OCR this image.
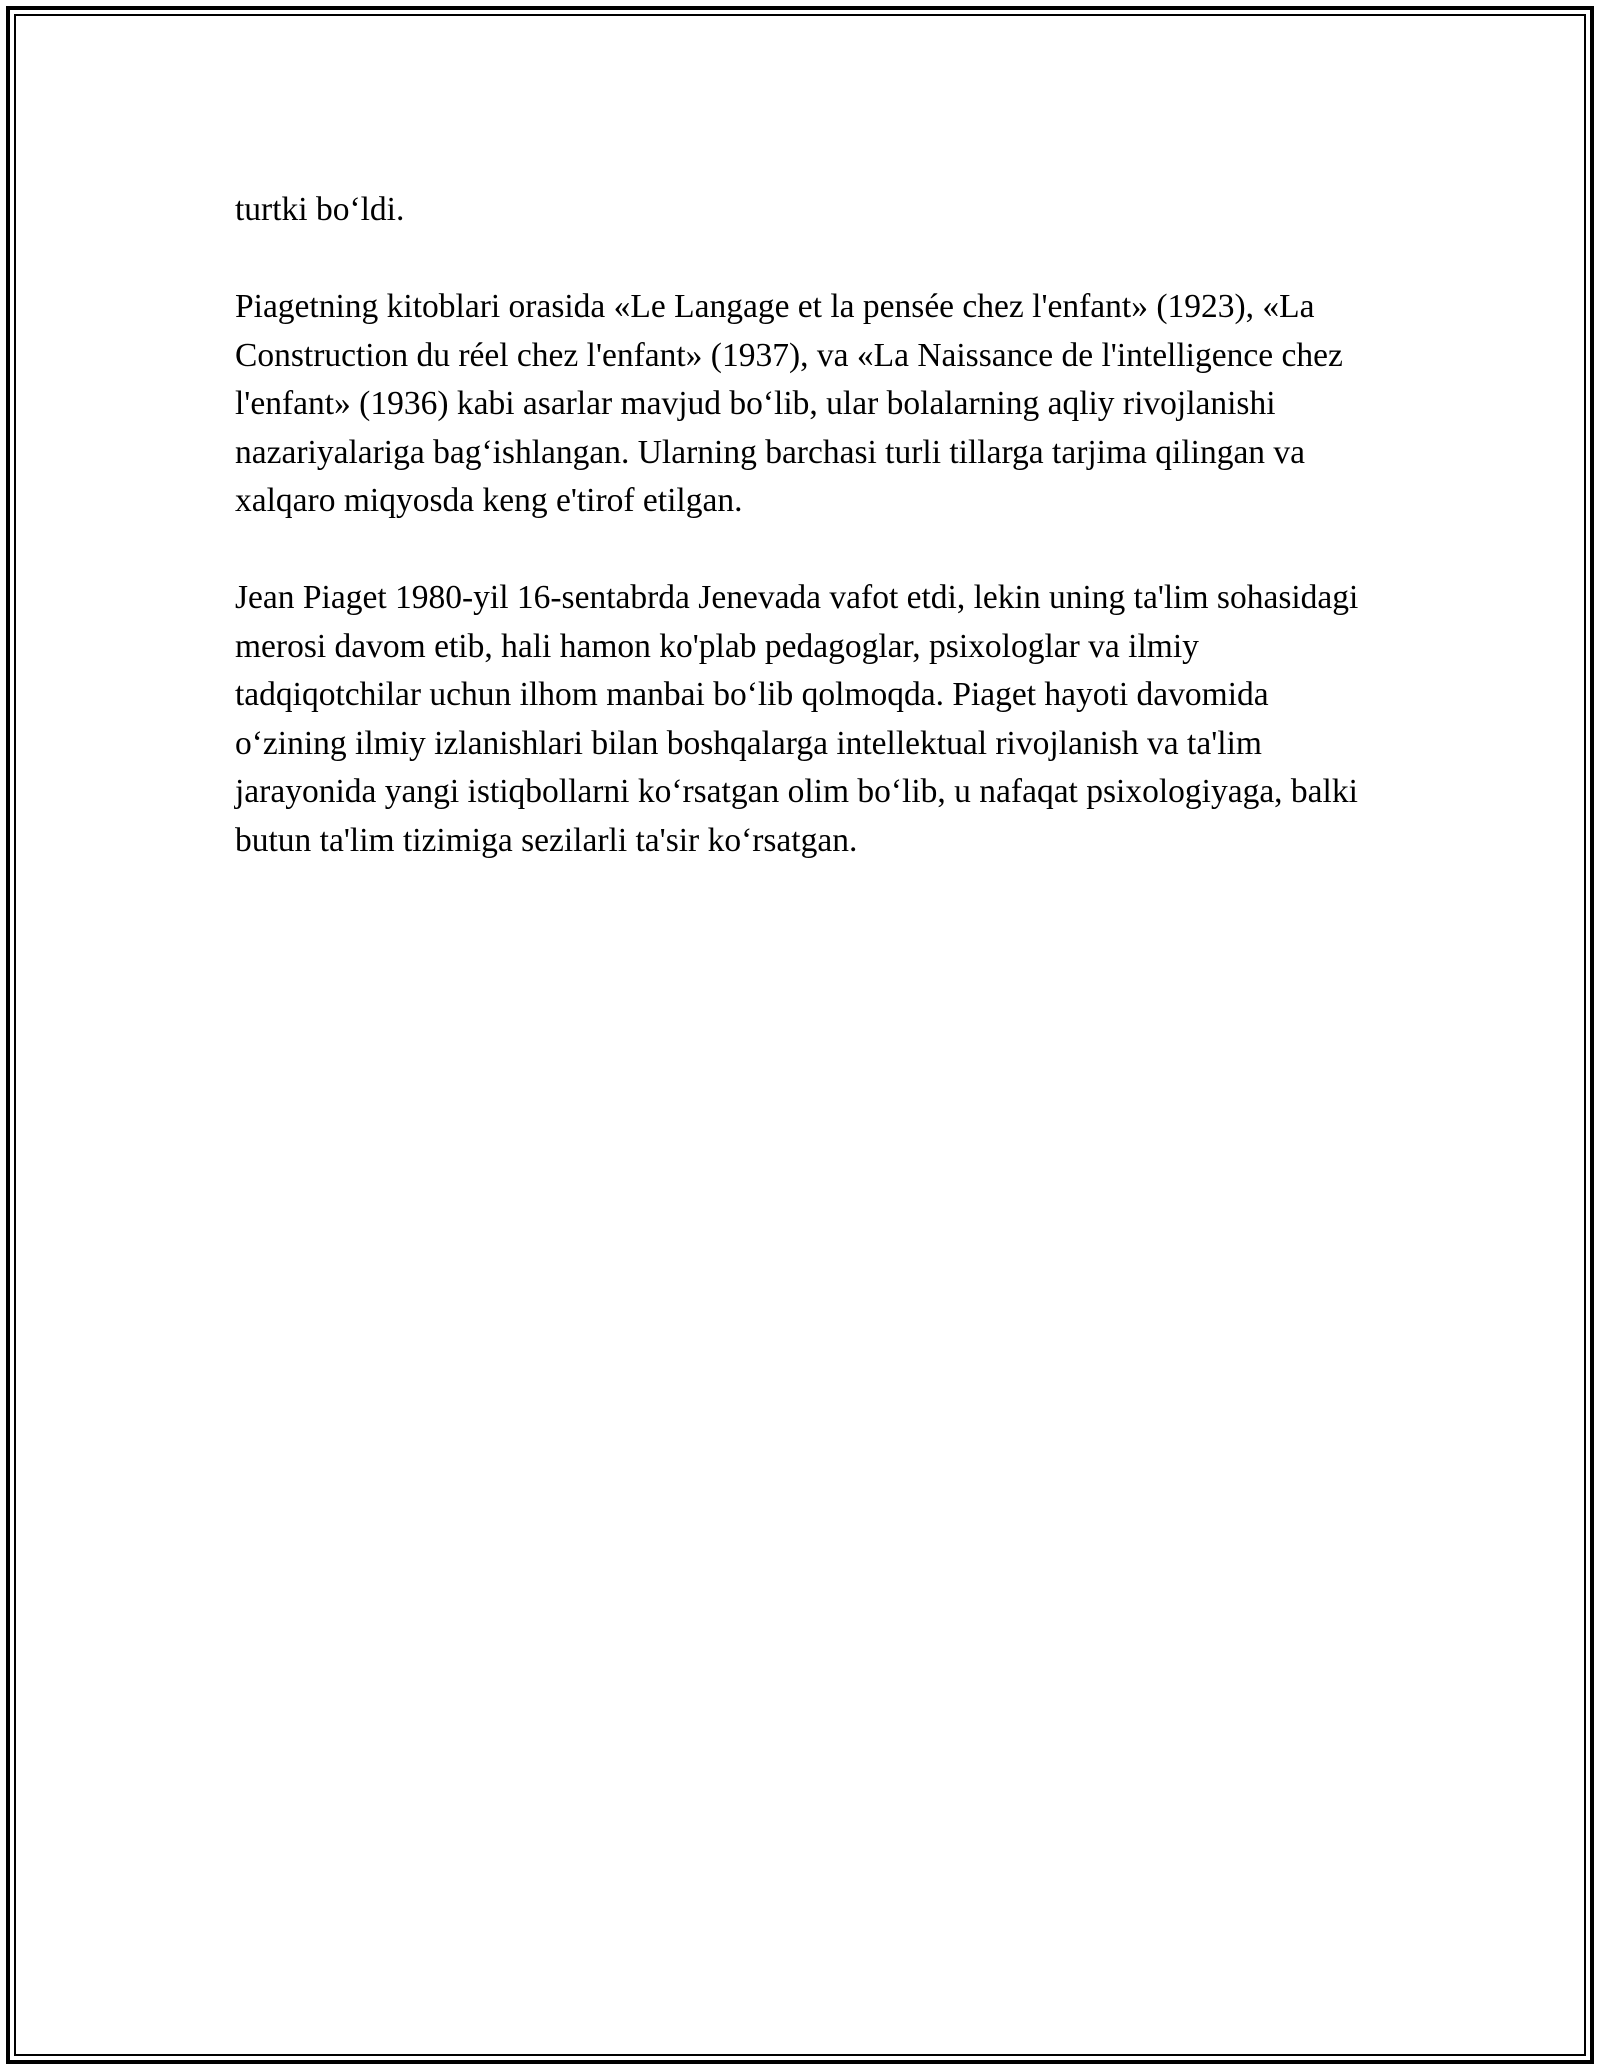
turtki bo‘ldi.

Piagetning kitoblari orasida «Le Langage et la pensée chez l'enfant» (1923), «La Construction du réel chez l'enfant» (1937), va «La Naissance de l'intelligence chez l'enfant» (1936) kabi asarlar mavjud bo‘lib, ular bolalarning aqliy rivojlanishi nazariyalariga bag‘ishlangan. Ularning barchasi turli tillarga tarjima qilingan va xalqaro miqyosda keng e'tirof etilgan.

Jean Piaget 1980-yil 16-sentabrda Jenevada vafot etdi, lekin uning ta'lim sohasidagi merosi davom etib, hali hamon ko'plab pedagoglar, psixologlar va ilmiy tadqiqotchilar uchun ilhom manbai bo‘lib qolmoqda. Piaget hayoti davomida o‘zining ilmiy izlanishlari bilan boshqalarga intellektual rivojlanish va ta'lim jarayonida yangi istiqbollarni ko‘rsatgan olim bo‘lib, u nafaqat psixologiyaga, balki butun ta'lim tizimiga sezilarli ta'sir ko‘rsatgan.
